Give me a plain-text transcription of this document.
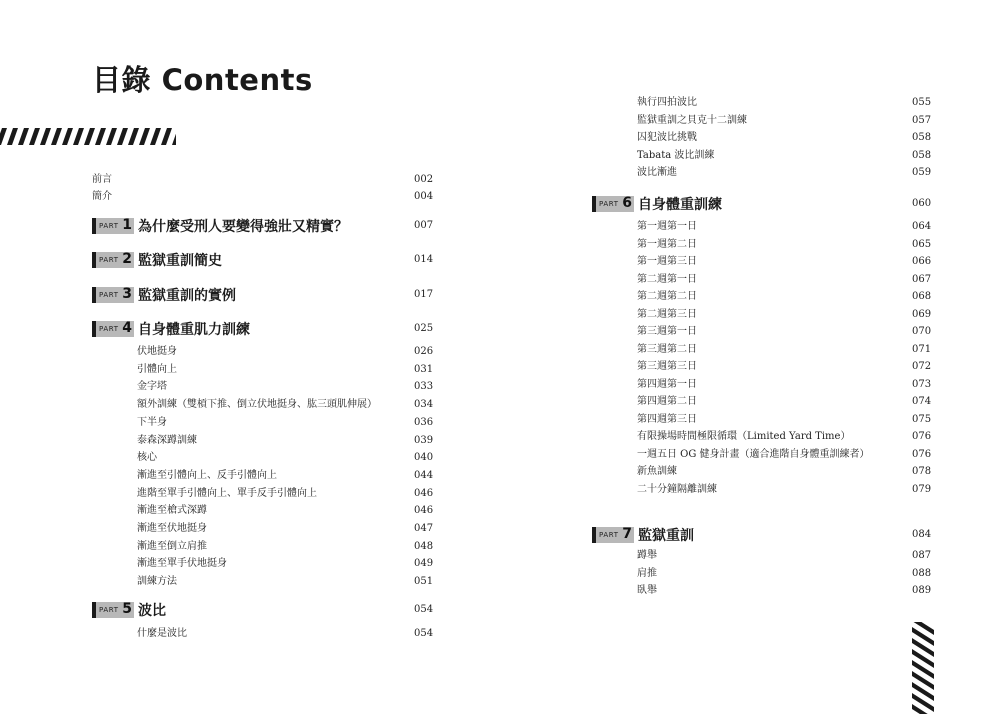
目錄 Contents
前言	002
簡介	004
PART 1 為什麼受刑人要變得強壯又精實？	007
PART 2 監獄重訓簡史	014
PART 3 監獄重訓的實例	017
PART 4 自身體重肌力訓練	025
伏地挺身	026
引體向上	031
金字塔	033
額外訓練（雙槓下推、倒立伏地挺身、肱三頭肌伸展）	034
下半身	036
泰森深蹲訓練	039
核心	040
漸進至引體向上、反手引體向上	044
進階至單手引體向上、單手反手引體向上	046
漸進至槍式深蹲	046
漸進至伏地挺身	047
漸進至倒立肩推	048
漸進至單手伏地挺身	049
訓練方法	051
PART 5 波比	054
什麼是波比	054
執行四拍波比	055
監獄重訓之貝克十二訓練	057
囚犯波比挑戰	058
Tabata 波比訓練	058
波比漸進	059
PART 6 自身體重訓練	060
第一週第一日	064
第一週第二日	065
第一週第三日	066
第二週第一日	067
第二週第二日	068
第二週第三日	069
第三週第一日	070
第三週第二日	071
第三週第三日	072
第四週第一日	073
第四週第二日	074
第四週第三日	075
有限操場時間極限循環（Limited Yard Time）	076
一週五日 OG 健身計畫（適合進階自身體重訓練者）	076
新魚訓練	078
二十分鐘隔離訓練	079
PART 7 監獄重訓	084
蹲舉	087
肩推	088
臥舉	089
